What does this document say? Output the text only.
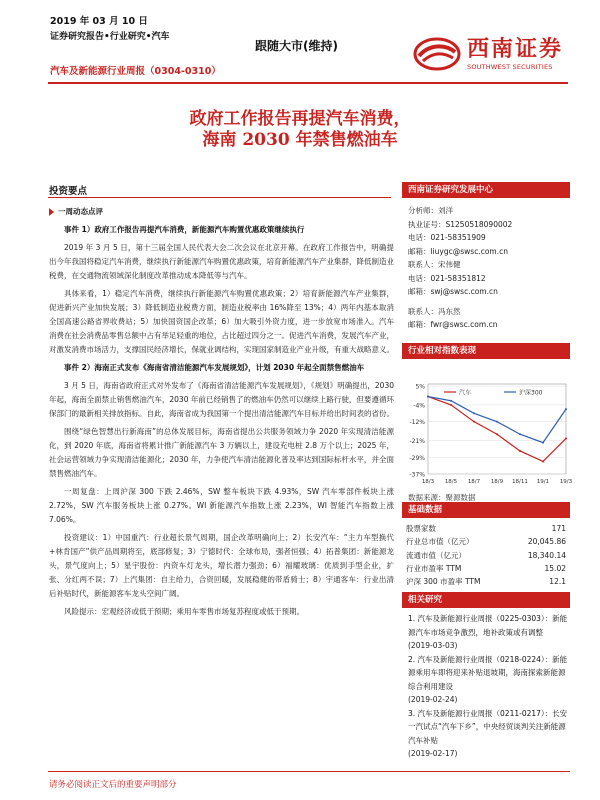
2019 年 03 月 10 日
证券研究报告•行业研究•汽车
跟随大市(维持)
汽车及新能源行业周报（0304-0310）
西南证券
SOUTHWEST SECURITIES
政府工作报告再提汽车消费，
海南 2030 年禁售燃油车
投资要点
一周动态点评

事件 1）政府工作报告再提汽车消费，新能源汽车购置优惠政策继续执行

2019 年 3 月 5 日，第十三届全国人民代表大会二次会议在北京开幕。在政府工作报告中，明确提出今年我国将稳定汽车消费，继续执行新能源汽车购置优惠政策，培育新能源汽车产业集群，降低制造业税费，在交通物流领域深化制度改革推动成本降低等与汽车。

具体来看，1）稳定汽车消费，继续执行新能源汽车购置优惠政策；2）培育新能源汽车产业集群，促进新兴产业加快发展；3）降低制造业税费方面，制造业税率由 16%降至 13%；4）两年内基本取消全国高速公路省界收费站；5）加快国资国企改革；6）加大吸引外资力度，进一步放宽市场准入。汽车消费在社会消费品零售总额中占有举足轻重的地位，占比超过四分之一。促进汽车消费，发展汽车产业，对激发消费市场活力，支撑国民经济增长，保就业调结构，实现国家制造业产业升级，有重大战略意义。

事件 2）海南正式发布《海南省清洁能源汽车发展规划》，计划 2030 年起全面禁售燃油车

3 月 5 日，海南省政府正式对外发布了《海南省清洁能源汽车发展规划》，《规划》明确提出，2030 年起，海南全面禁止销售燃油汽车，2030 年前已经销售了的燃油车仍然可以继续上路行驶，但要遵循环保部门的最新相关排放指标。自此，海南省成为我国第一个提出清洁能源汽车目标并给出时间表的省份。

围绕“绿色智慧出行新海南”的总体发展目标，海南省提出公共服务领域力争 2020 年实现清洁能源化，到 2020 年底，海南省将累计推广新能源汽车 3 万辆以上，建设充电桩 2.8 万个以上；2025 年，社会运营领域力争实现清洁能源化；2030 年，力争使汽车清洁能源化普及率达到国际标杆水平，并全面禁售燃油汽车。

一周复盘：上周沪深 300 下跌 2.46%，SW 整车板块下跌 4.93%，SW 汽车零部件板块上涨 2.72%，SW 汽车服务板块上涨 0.27%。WI 新能源汽车指数上涨 2.23%，WI 智能汽车指数上涨 7.06%。

投资建议：1）中国重汽：行业超长景气周期，国企改革明确向上；2）长安汽车：“主力车型换代+林肯国产”供产品周期将至，底部修复；3）宁德时代：全球布局，强者恒强；4）拓普集团：新能源龙头，景气度向上；5）星宇股份：内资车灯龙头，增长潜力强劲；6）福耀玻璃：优质到手型企业，扩张、分红两不误；7）上汽集团：自主给力，合资回暖，发展稳健的带盾骑士；8）宇通客车：行业出清后补贴时代，新能源客车龙头空间广阔。

风险提示：宏观经济或低于预期；乘用车零售市场复苏程度或低于预期。

西南证券研究发展中心
分析师：刘洋
执业证号：S1250518090002
电话：021-58351909
邮箱：liuygc@swsc.com.cn
联系人：宋伟健
电话：021-58351812
邮箱：swj@swsc.com.cn
联系人：冯东然
邮箱：fwr@swsc.com.cn
行业相对指数表现
5%
-4%
-12%
-21%
-29%
-37%
18/3 18/5 18/7 18/9 18/11 19/1 19/3
汽车	沪深300
数据来源：聚源数据
基础数据
股票家数	171
行业总市值（亿元）	20,045.86
流通市值（亿元）	18,340.14
行业市盈率 TTM	15.02
沪深 300 市盈率 TTM	12.1
相关研究
1. 汽车及新能源行业周报（0225-0303）：新能源汽车市场竞争激烈，地补政策或有调整
(2019-03-03)
2. 汽车及新能源行业周报（0218-0224）：新能源乘用车即将迎来补贴退坡期，海南探索新能源综合利用建设
(2019-02-24)
3. 汽车及新能源行业周报（0211-0217）：长安一汽试点“汽车下乡”，中央经贸谈判关注新能源汽车补贴
(2019-02-17)
请务必阅读正文后的重要声明部分
